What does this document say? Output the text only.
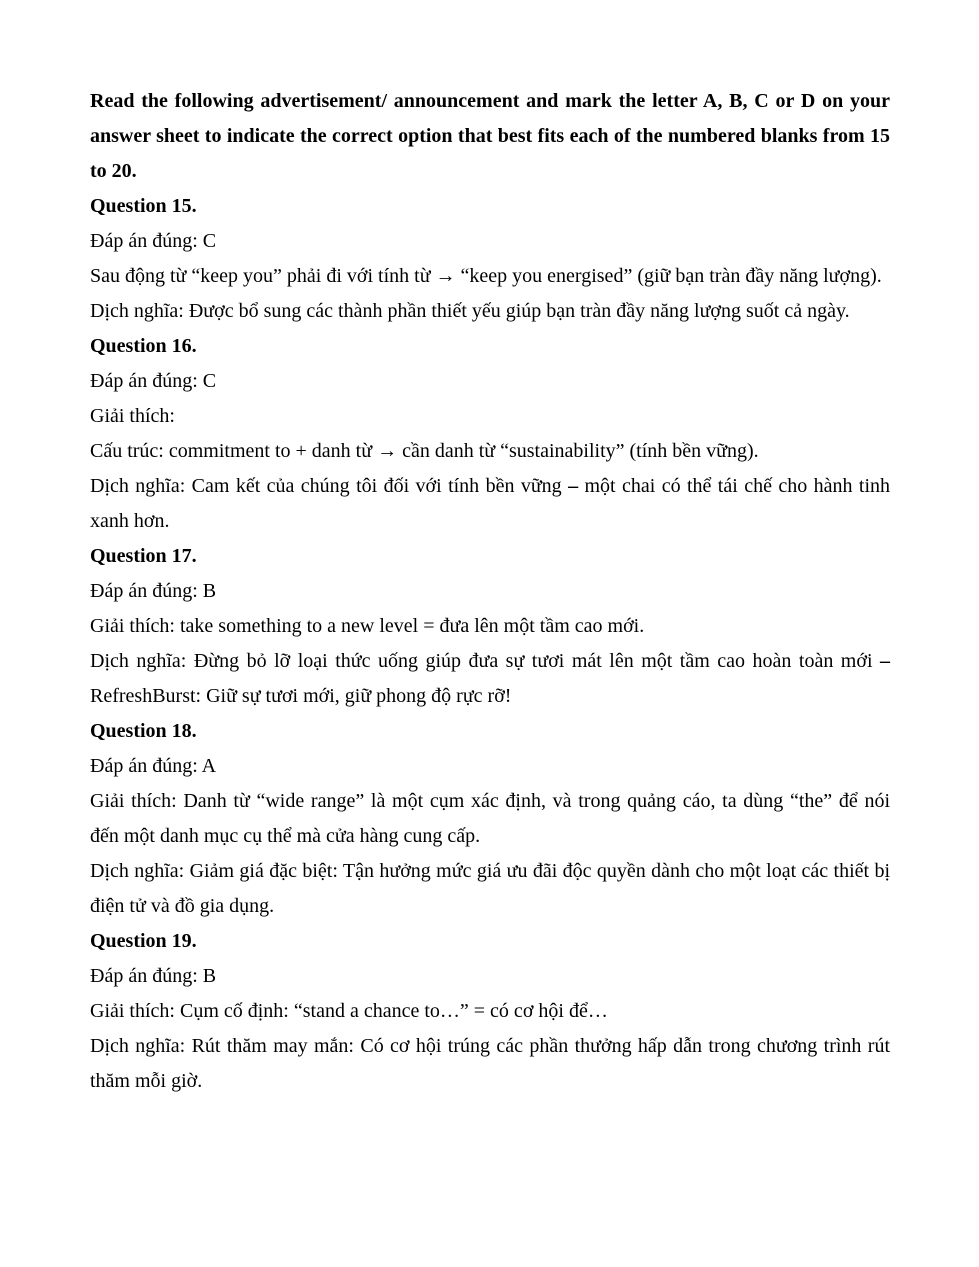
Read the following advertisement/ announcement and mark the letter A, B, C or D on your answer sheet to indicate the correct option that best fits each of the numbered blanks from 15 to 20.

Question 15.

Đáp án đúng: C

Sau động từ “keep you” phải đi với tính từ → “keep you energised” (giữ bạn tràn đầy năng lượng).

Dịch nghĩa: Được bổ sung các thành phần thiết yếu giúp bạn tràn đầy năng lượng suốt cả ngày.

Question 16.

Đáp án đúng: C

Giải thích:

Cấu trúc: commitment to + danh từ → cần danh từ “sustainability” (tính bền vững).

Dịch nghĩa: Cam kết của chúng tôi đối với tính bền vững – một chai có thể tái chế cho hành tinh xanh hơn.

Question 17.

Đáp án đúng: B

Giải thích: take something to a new level = đưa lên một tầm cao mới.

Dịch nghĩa: Đừng bỏ lỡ loại thức uống giúp đưa sự tươi mát lên một tầm cao hoàn toàn mới – RefreshBurst: Giữ sự tươi mới, giữ phong độ rực rỡ!

Question 18.

Đáp án đúng: A

Giải thích: Danh từ “wide range” là một cụm xác định, và trong quảng cáo, ta dùng “the” để nói đến một danh mục cụ thể mà cửa hàng cung cấp.

Dịch nghĩa: Giảm giá đặc biệt: Tận hưởng mức giá ưu đãi độc quyền dành cho một loạt các thiết bị điện tử và đồ gia dụng.

Question 19.

Đáp án đúng: B

Giải thích: Cụm cố định: “stand a chance to…” = có cơ hội để…

Dịch nghĩa: Rút thăm may mắn: Có cơ hội trúng các phần thưởng hấp dẫn trong chương trình rút thăm mỗi giờ.
